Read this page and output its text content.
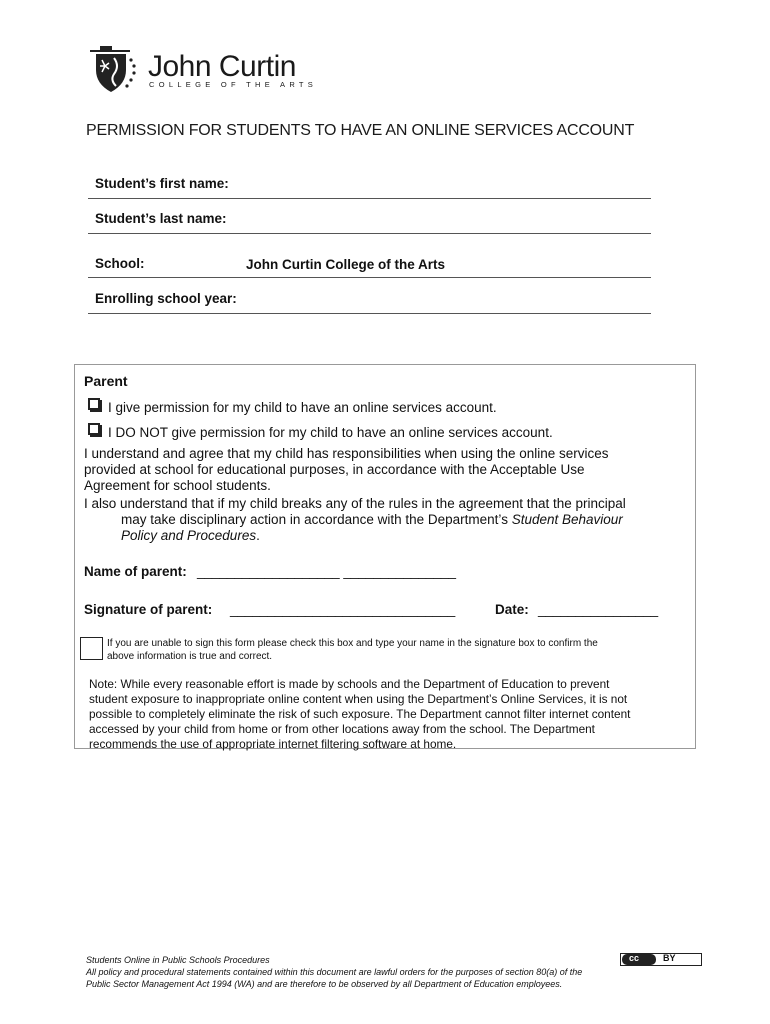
John Curtin
COLLEGE OF THE ARTS
PERMISSION FOR STUDENTS TO HAVE AN ONLINE SERVICES ACCOUNT
Student’s first name:
Student’s last name:
School:	John Curtin College of the Arts
Enrolling school year:
Parent
I give permission for my child to have an online services account.
I DO NOT give permission for my child to have an online services account.
I understand and agree that my child has responsibilities when using the online services
provided at school for educational purposes, in accordance with the Acceptable Use
Agreement for school students.
I also understand that if my child breaks any of the rules in the agreement that the principal
may take disciplinary action in accordance with the Department’s Student Behaviour
Policy and Procedures.
Name of parent: ___________________ _______________
Signature of parent: ______________________________	Date: ________________
If you are unable to sign this form please check this box and type your name in the signature box to confirm the
above information is true and correct.
Note: While every reasonable effort is made by schools and the Department of Education to prevent
student exposure to inappropriate online content when using the Department’s Online Services, it is not
possible to completely eliminate the risk of such exposure. The Department cannot filter internet content
accessed by your child from home or from other locations away from the school. The Department
recommends the use of appropriate internet filtering software at home.
Students Online in Public Schools Procedures
All policy and procedural statements contained within this document are lawful orders for the purposes of section 80(a) of the
Public Sector Management Act 1994 (WA) and are therefore to be observed by all Department of Education employees.
cc	BY
